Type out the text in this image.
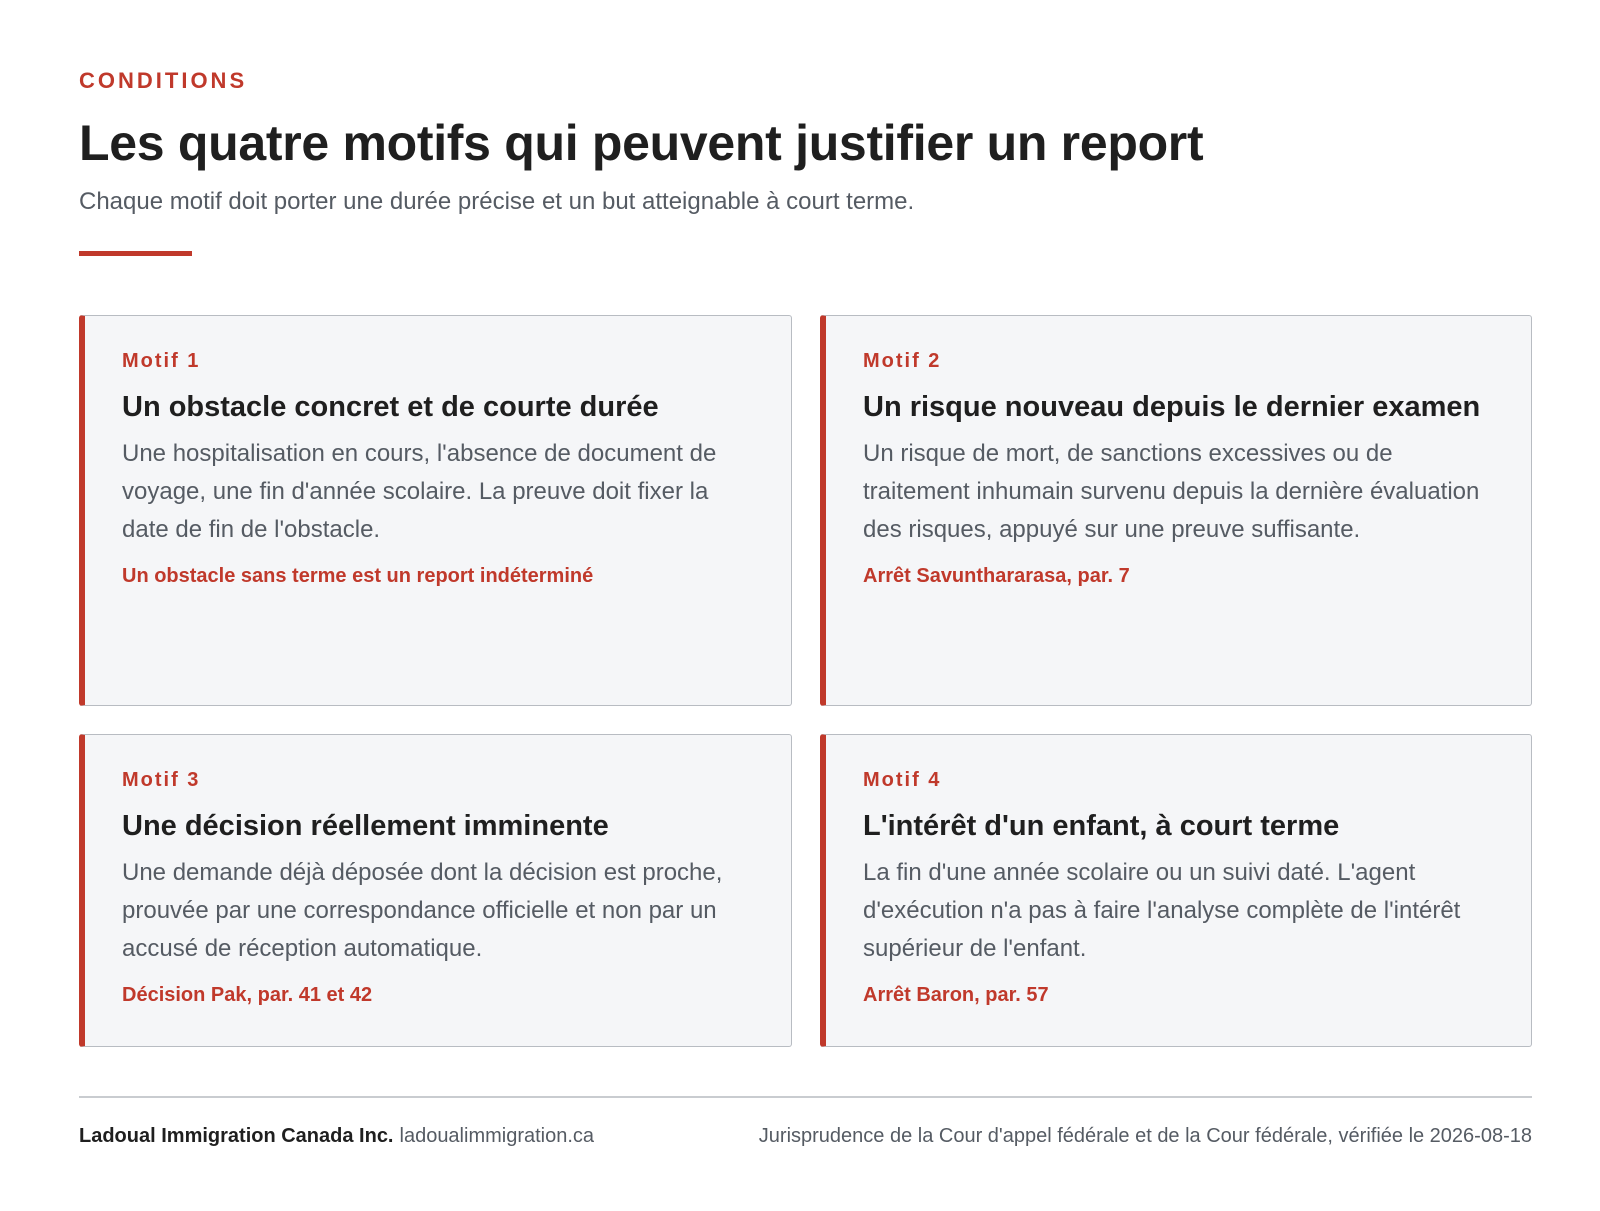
CONDITIONS
Les quatre motifs qui peuvent justifier un report

Chaque motif doit porter une durée précise et un but atteignable à court terme.

Motif 1
Un obstacle concret et de courte durée
Une hospitalisation en cours, l'absence de document de voyage, une fin d'année scolaire. La preuve doit fixer la date de fin de l'obstacle.
Un obstacle sans terme est un report indéterminé
Motif 2
Un risque nouveau depuis le dernier examen
Un risque de mort, de sanctions excessives ou de traitement inhumain survenu depuis la dernière évaluation des risques, appuyé sur une preuve suffisante.
Arrêt Savunthararasa, par. 7
Motif 3
Une décision réellement imminente
Une demande déjà déposée dont la décision est proche, prouvée par une correspondance officielle et non par un accusé de réception automatique.
Décision Pak, par. 41 et 42
Motif 4
L'intérêt d'un enfant, à court terme
La fin d'une année scolaire ou un suivi daté. L'agent d'exécution n'a pas à faire l'analyse complète de l'intérêt supérieur de l'enfant.
Arrêt Baron, par. 57
Ladoual Immigration Canada Inc. ladoualimmigration.ca	Jurisprudence de la Cour d'appel fédérale et de la Cour fédérale, vérifiée le 2026-08-18
